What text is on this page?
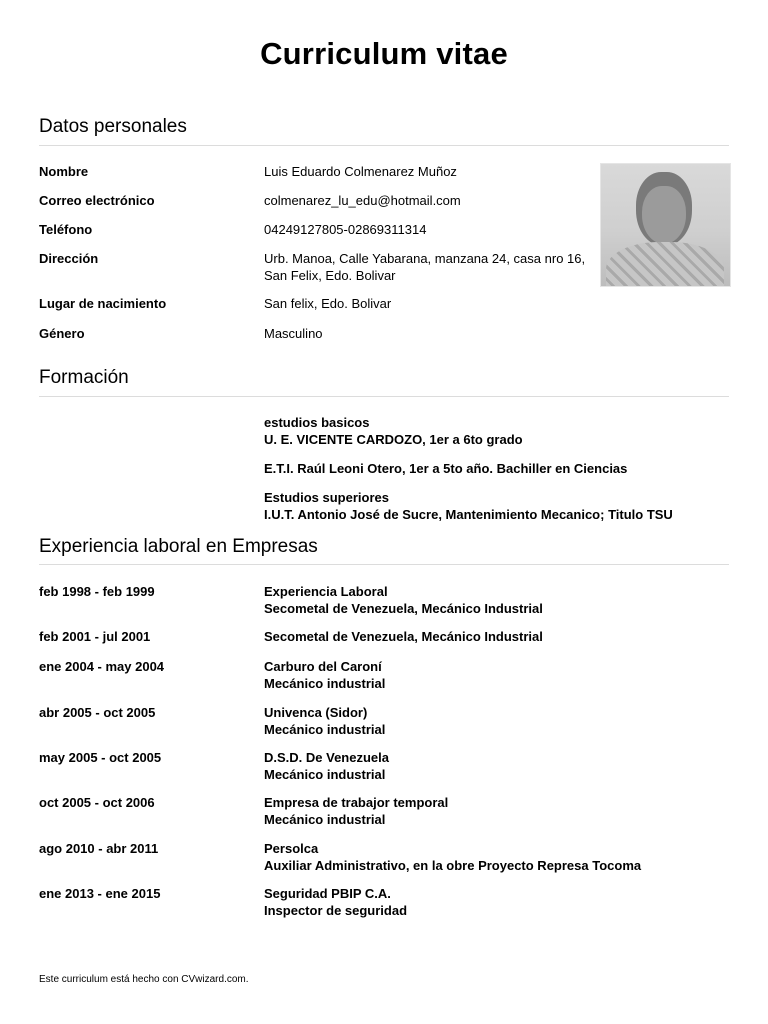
Curriculum vitae
Datos personales
Nombre	Luis Eduardo Colmenarez Muñoz
Correo electrónico	colmenarez_lu_edu@hotmail.com
Teléfono	04249127805-02869311314
Dirección	Urb. Manoa, Calle Yabarana, manzana 24, casa nro 16,
San Felix, Edo. Bolivar
Lugar de nacimiento	San felix, Edo. Bolivar
Género	Masculino
Formación
estudios basicos
U. E. VICENTE CARDOZO, 1er a 6to grado
E.T.I. Raúl Leoni Otero, 1er a 5to año. Bachiller en Ciencias
Estudios superiores
I.U.T. Antonio José de Sucre, Mantenimiento Mecanico; Titulo TSU
Experiencia laboral en Empresas
feb 1998 - feb 1999	Experiencia Laboral
Secometal de Venezuela, Mecánico Industrial
feb 2001 - jul 2001	Secometal de Venezuela, Mecánico Industrial
ene 2004 - may 2004	Carburo del Caroní
Mecánico industrial
abr 2005 - oct 2005	Univenca (Sidor)
Mecánico industrial
may 2005 - oct 2005	D.S.D. De Venezuela
Mecánico industrial
oct 2005 - oct 2006	Empresa de trabajor temporal
Mecánico industrial
ago 2010 - abr 2011	Persolca
Auxiliar Administrativo, en la obre Proyecto Represa Tocoma
ene 2013 - ene 2015	Seguridad PBIP C.A.
Inspector de seguridad
Este curriculum está hecho con CVwizard.com.
